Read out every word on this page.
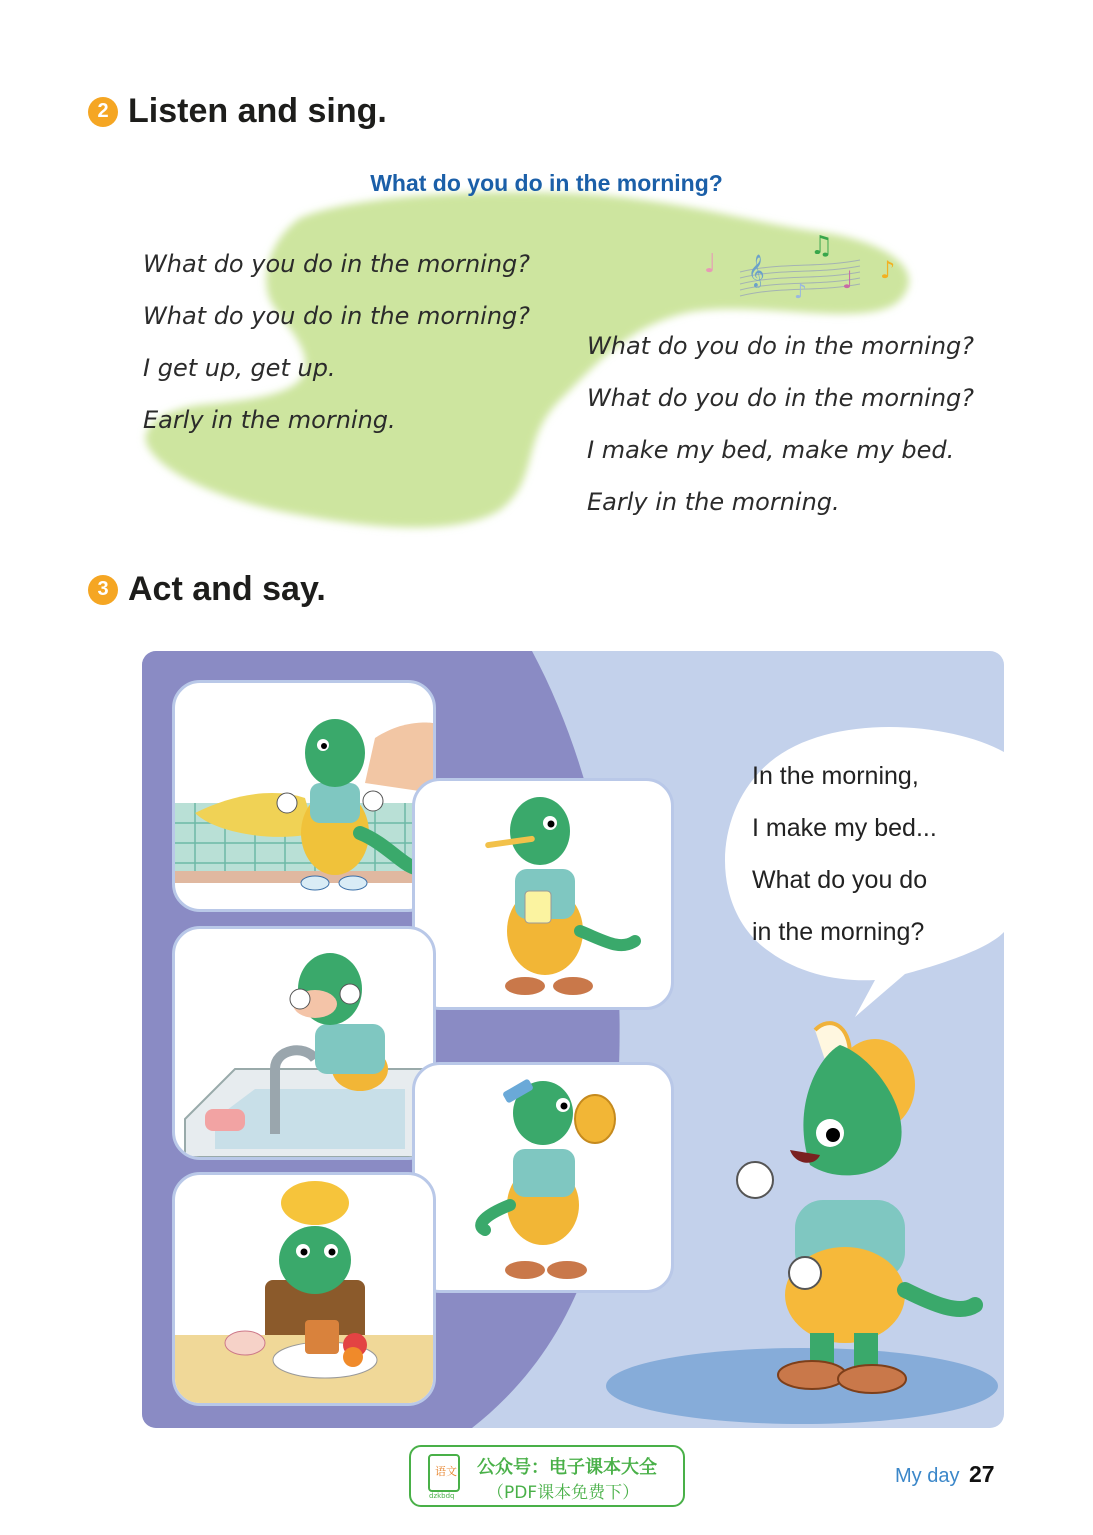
2 Listen and sing.
What do you do in the morning?
♩ 𝄞
♫
♪ ♩ ♪
What do you do in the morning?
What do you do in the morning?
I get up, get up.
Early in the morning.
What do you do in the morning?
What do you do in the morning?
I make my bed, make my bed.
Early in the morning.
3 Act and say.
In the morning,
I make my bed...
What do you do
in the morning?
语文
dzkbdq
公众号：电子课本大全
（PDF课本免费下）
My day 27
